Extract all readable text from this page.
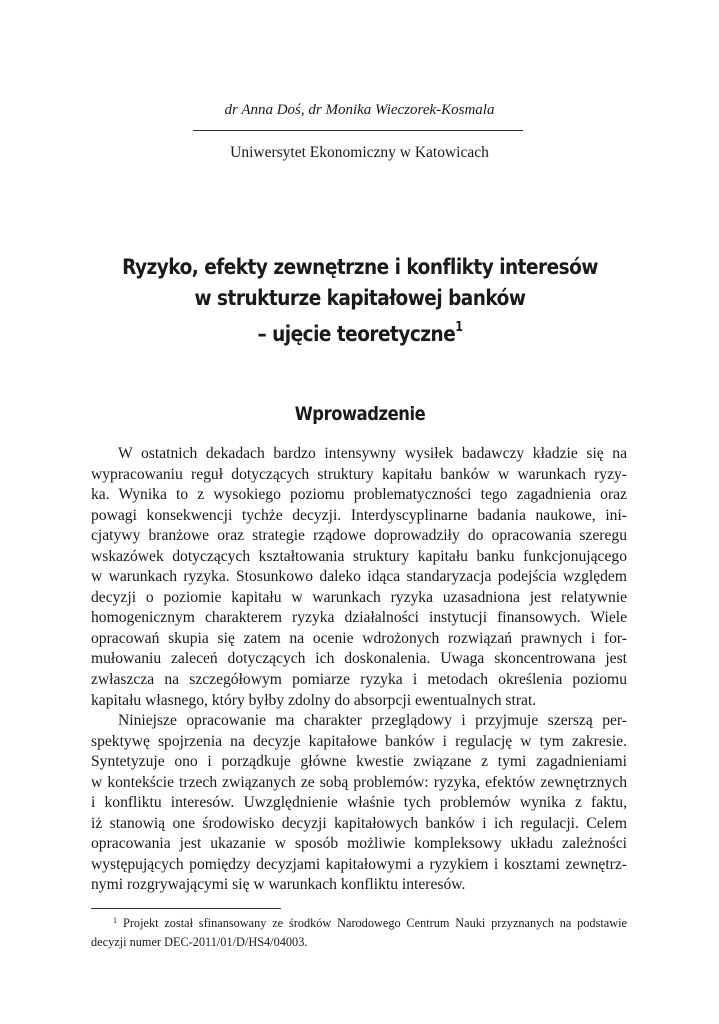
dr Anna Doś, dr Monika Wieczorek-Kosmala
Uniwersytet Ekonomiczny w Katowicach
Ryzyko, efekty zewnętrzne i konflikty interesów
w strukturze kapitałowej banków
– ujęcie teoretyczne$^1$
Wprowadzenie
W ostatnich dekadach bardzo intensywny wysiłek badawczy kładzie się na
wypracowaniu reguł dotyczących struktury kapitału banków w warunkach ryzy-
ka. Wynika to z wysokiego poziomu problematyczności tego zagadnienia oraz
powagi konsekwencji tychże decyzji. Interdyscyplinarne badania naukowe, ini-
cjatywy branżowe oraz strategie rządowe doprowadziły do opracowania szeregu
wskazówek dotyczących kształtowania struktury kapitału banku funkcjonującego
w warunkach ryzyka. Stosunkowo daleko idąca standaryzacja podejścia względem
decyzji o poziomie kapitału w warunkach ryzyka uzasadniona jest relatywnie
homogenicznym charakterem ryzyka działalności instytucji finansowych. Wiele
opracowań skupia się zatem na ocenie wdrożonych rozwiązań prawnych i for-
mułowaniu zaleceń dotyczących ich doskonalenia. Uwaga skoncentrowana jest
zwłaszcza na szczegółowym pomiarze ryzyka i metodach określenia poziomu
kapitału własnego, który byłby zdolny do absorpcji ewentualnych strat.
Niniejsze opracowanie ma charakter przeglądowy i przyjmuje szerszą per-
spektywę spojrzenia na decyzje kapitałowe banków i regulację w tym zakresie.
Syntetyzuje ono i porządkuje główne kwestie związane z tymi zagadnieniami
w kontekście trzech związanych ze sobą problemów: ryzyka, efektów zewnętrznych
i konfliktu interesów. Uwzględnienie właśnie tych problemów wynika z faktu,
iż stanowią one środowisko decyzji kapitałowych banków i ich regulacji. Celem
opracowania jest ukazanie w sposób możliwie kompleksowy układu zależności
występujących pomiędzy decyzjami kapitałowymi a ryzykiem i kosztami zewnętrz-
nymi rozgrywającymi się w warunkach konfliktu interesów.
$^1$ Projekt został sfinansowany ze środków Narodowego Centrum Nauki przyznanych na podstawie
decyzji numer DEC-2011/01/D/HS4/04003.
